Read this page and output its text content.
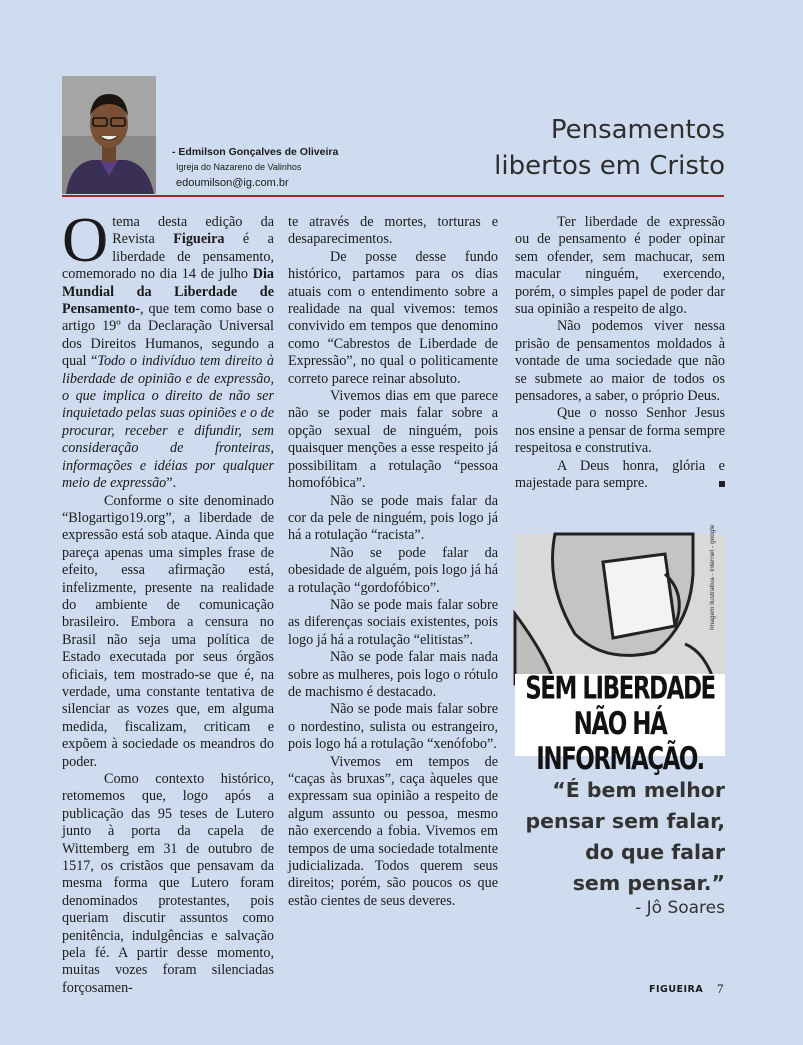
- Edmilson Gonçalves de Oliveira
Igreja do Nazareno de Valinhos
edoumilson@ig.com.br
Pensamentos
libertos em Cristo

O tema desta edição da Revista Figueira é a liberdade de pensamento, comemorado no dia 14 de julho Dia Mundial da Liberdade de Pensamento-, que tem como base o artigo 19º da Declaração Universal dos Direitos Humanos, segundo a qual “Todo o indivíduo tem direito à liberdade de opinião e de expressão, o que implica o direito de não ser inquietado pelas suas opiniões e o de procurar, receber e difundir, sem consideração de fronteiras, informações e idéias por qualquer meio de expressão”.

Conforme o site denominado “Blogartigo19.org”, a liberdade de expressão está sob ataque. Ainda que pareça apenas uma simples frase de efeito, essa afirmação está, infelizmente, presente na realidade do ambiente de comunicação brasileiro. Embora a censura no Brasil não seja uma política de Estado executada por seus órgãos oficiais, tem mostrado-se que é, na verdade, uma constante tentativa de silenciar as vozes que, em alguma medida, fiscalizam, criticam e expõem à sociedade os meandros do poder.

Como contexto histórico, retomemos que, logo após a publicação das 95 teses de Lutero junto à porta da capela de Wittemberg em 31 de outubro de 1517, os cristãos que pensavam da mesma forma que Lutero foram denominados protestantes, pois queriam discutir assuntos como penitência, indulgências e salvação pela fé. A partir desse momento, muitas vozes foram silenciadas forçosamen-

te através de mortes, torturas e desaparecimentos.

De posse desse fundo histórico, partamos para os dias atuais com o entendimento sobre a realidade na qual vivemos: temos convivido em tempos que denomino como “Cabrestos de Liberdade de Expressão”, no qual o politicamente correto parece reinar absoluto.

Vivemos dias em que parece não se poder mais falar sobre a opção sexual de ninguém, pois quaisquer menções a esse respeito já possibilitam a rotulação “pessoa homofóbica”.

Não se pode mais falar da cor da pele de ninguém, pois logo já há a rotulação “racista”.

Não se pode falar da obesidade de alguém, pois logo já há a rotulação “gordofóbico”.

Não se pode mais falar sobre as diferenças sociais existentes, pois logo já há a rotulação “elitistas”.

Não se pode falar mais nada sobre as mulheres, pois logo o rótulo de machismo é destacado.

Não se pode mais falar sobre o nordestino, sulista ou estrangeiro, pois logo há a rotulação “xenófobo”.

Vivemos em tempos de “caças às bruxas”, caça àqueles que expressam sua opinião a respeito de algum assunto ou pessoa, mesmo não exercendo a fobia. Vivemos em tempos de uma sociedade totalmente judicializada. Todos querem seus direitos; porém, são poucos os que estão cientes de seus deveres.

Ter liberdade de expressão ou de pensamento é poder opinar sem ofender, sem machucar, sem macular ninguém, exercendo, porém, o simples papel de poder dar sua opinião a respeito de algo.

Não podemos viver nessa prisão de pensamentos moldados à vontade de uma sociedade que não se submete ao maior de todos os pensadores, a saber, o próprio Deus.

Que o nosso Senhor Jesus nos ensine a pensar de forma sempre respeitosa e construtiva.

A Deus honra, glória e majestade para sempre.

SEM LIBERDADE
NÃO HÁ INFORMAÇÃO.
Imagem ilustrativa - internet - google
“É bem melhor
pensar sem falar,
do que falar
sem pensar.”
- Jô Soares
FIGUEIRA 7
